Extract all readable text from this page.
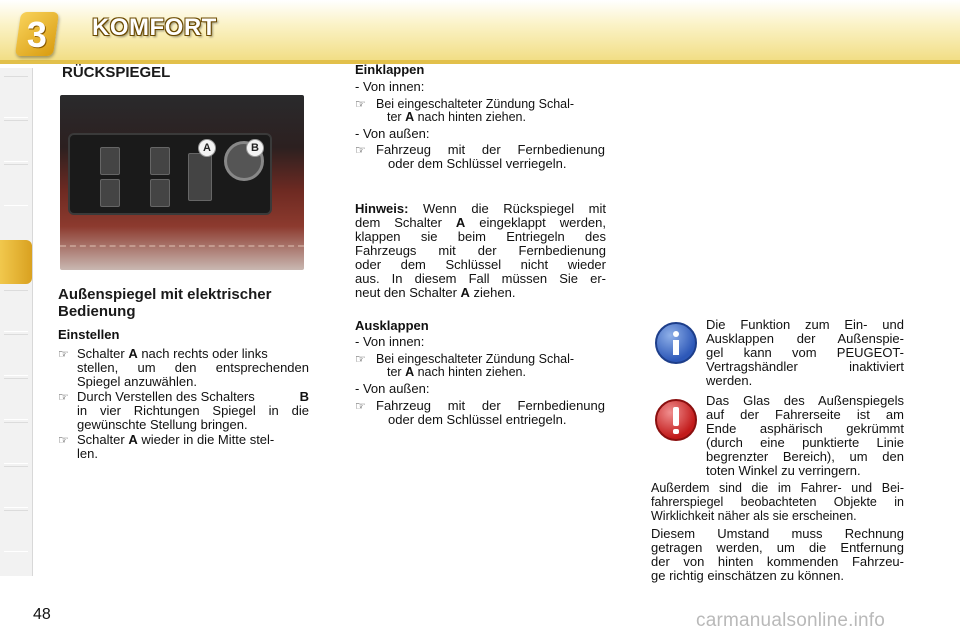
3	KOMFORT
RÜCKSPIEGEL
A	B
Außenspiegel mit elektrischer
Bedienung
Einstellen
☞ Schalter A nach rechts oder links
stellen, um den entsprechenden
Spiegel anzuwählen.
☞ Durch Verstellen des Schalters	B
in vier Richtungen Spiegel in die
gewünschte Stellung bringen.
☞ Schalter A wieder in die Mitte stel-
len.
Einklappen
- Von innen:
☞ Bei eingeschalteter Zündung Schal-
ter A nach hinten ziehen.
- Von außen:
☞ Fahrzeug mit der Fernbedienung
oder dem Schlüssel verriegeln.
Hinweis: Wenn die Rückspiegel mit
dem Schalter A eingeklappt werden,
klappen sie beim Entriegeln des
Fahrzeugs mit der Fernbedienung
oder dem Schlüssel nicht wieder
aus. In diesem Fall müssen Sie er-
neut den Schalter A ziehen.
Ausklappen
- Von innen:
☞ Bei eingeschalteter Zündung Schal-
ter A nach hinten ziehen.
- Von außen:
☞ Fahrzeug mit der Fernbedienung
oder dem Schlüssel entriegeln.
Die Funktion zum Ein- und
Ausklappen der Außenspie-
gel kann vom PEUGEOT-
Vertragshändler inaktiviert
werden.
Das Glas des Außenspiegels
auf der Fahrerseite ist am
Ende asphärisch gekrümmt
(durch eine punktierte Linie
begrenzter Bereich), um den
toten Winkel zu verringern.
Außerdem sind die im Fahrer- und Bei-
fahrerspiegel beobachteten Objekte in
Wirklichkeit näher als sie erscheinen.
Diesem Umstand muss Rechnung
getragen werden, um die Entfernung
der von hinten kommenden Fahrzeu-
ge richtig einschätzen zu können.
48	carmanualsonline.info
